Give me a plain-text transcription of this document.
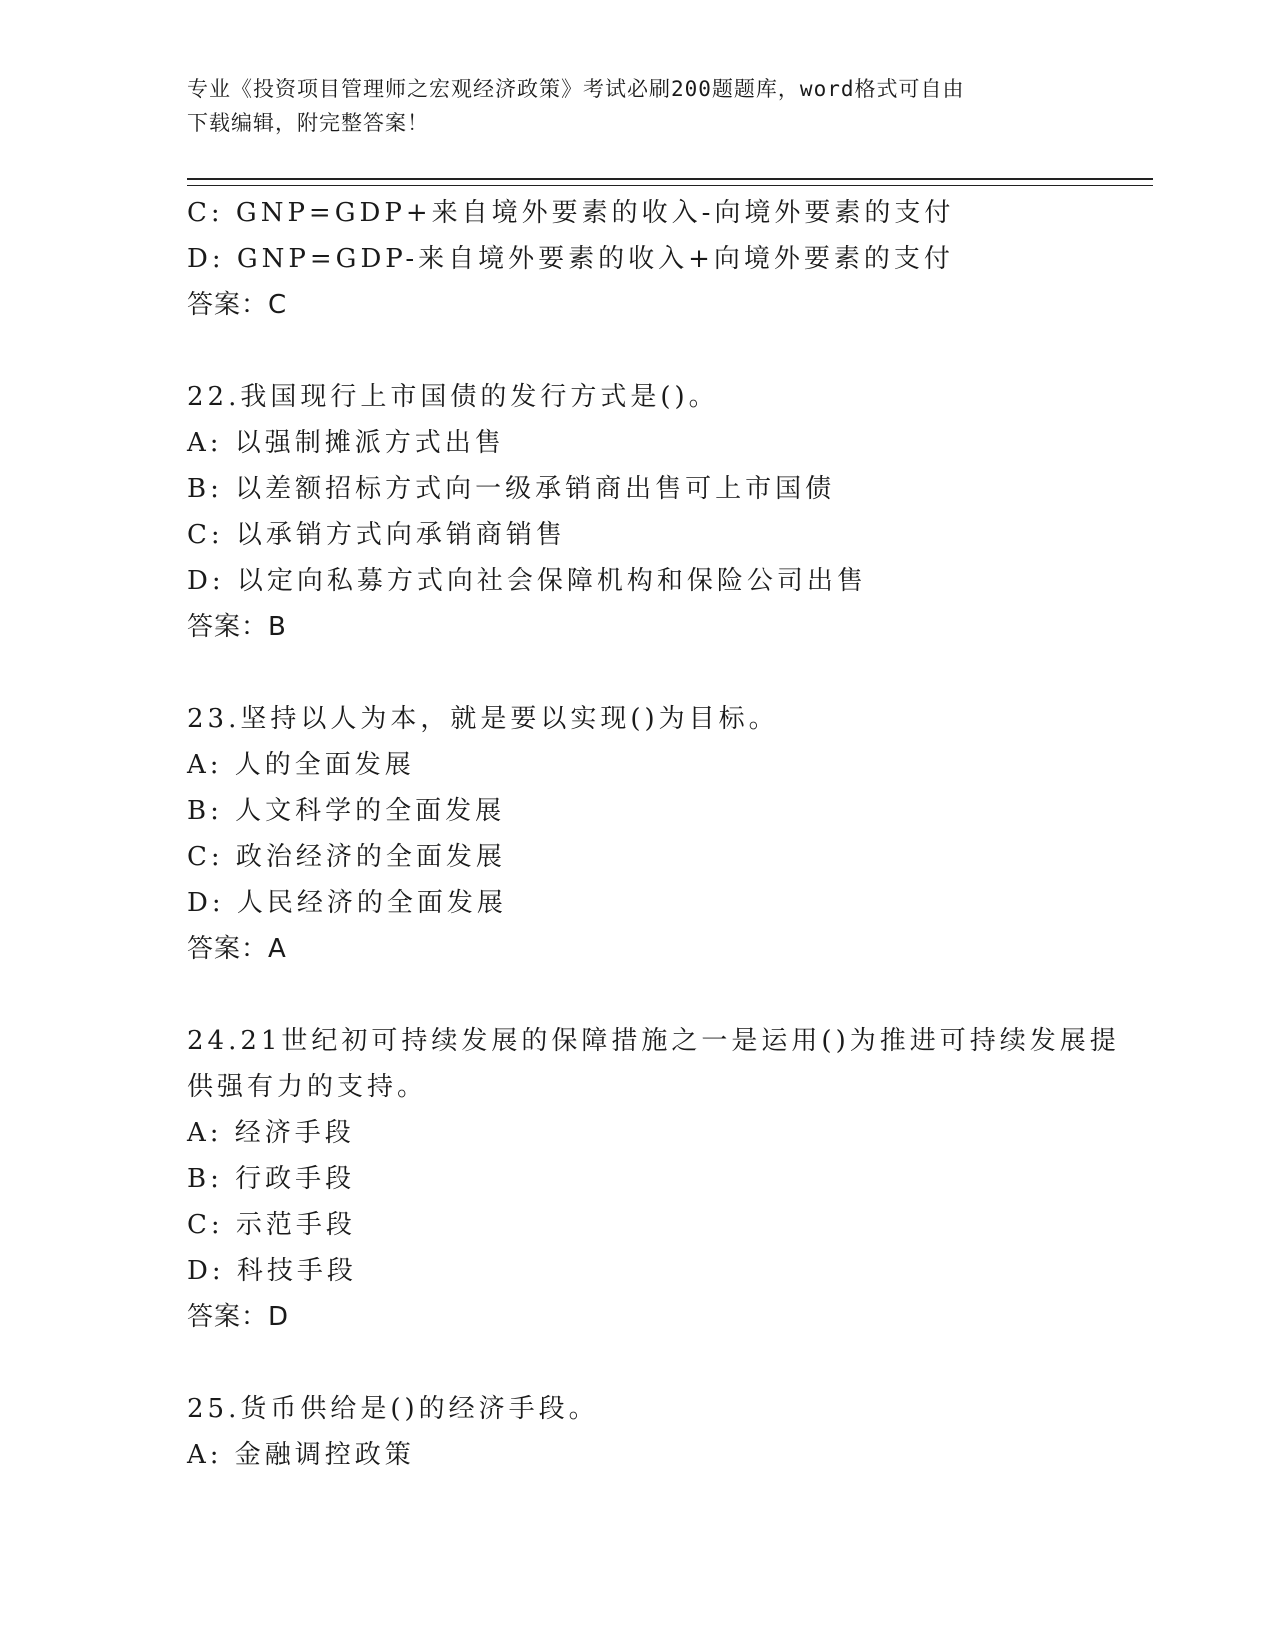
专业《投资项目管理师之宏观经济政策》考试必刷200题题库，word格式可自由
下载编辑，附完整答案！
C: GNP=GDP+来自境外要素的收入-向境外要素的支付
D: GNP=GDP-来自境外要素的收入+向境外要素的支付
答案：C
22.我国现行上市国债的发行方式是()。
A: 以强制摊派方式出售
B: 以差额招标方式向一级承销商出售可上市国债
C: 以承销方式向承销商销售
D: 以定向私募方式向社会保障机构和保险公司出售
答案：B
23.坚持以人为本，就是要以实现()为目标。
A: 人的全面发展
B: 人文科学的全面发展
C: 政治经济的全面发展
D: 人民经济的全面发展
答案：A
24.21世纪初可持续发展的保障措施之一是运用()为推进可持续发展提
供强有力的支持。
A: 经济手段
B: 行政手段
C: 示范手段
D: 科技手段
答案：D
25.货币供给是()的经济手段。
A: 金融调控政策
